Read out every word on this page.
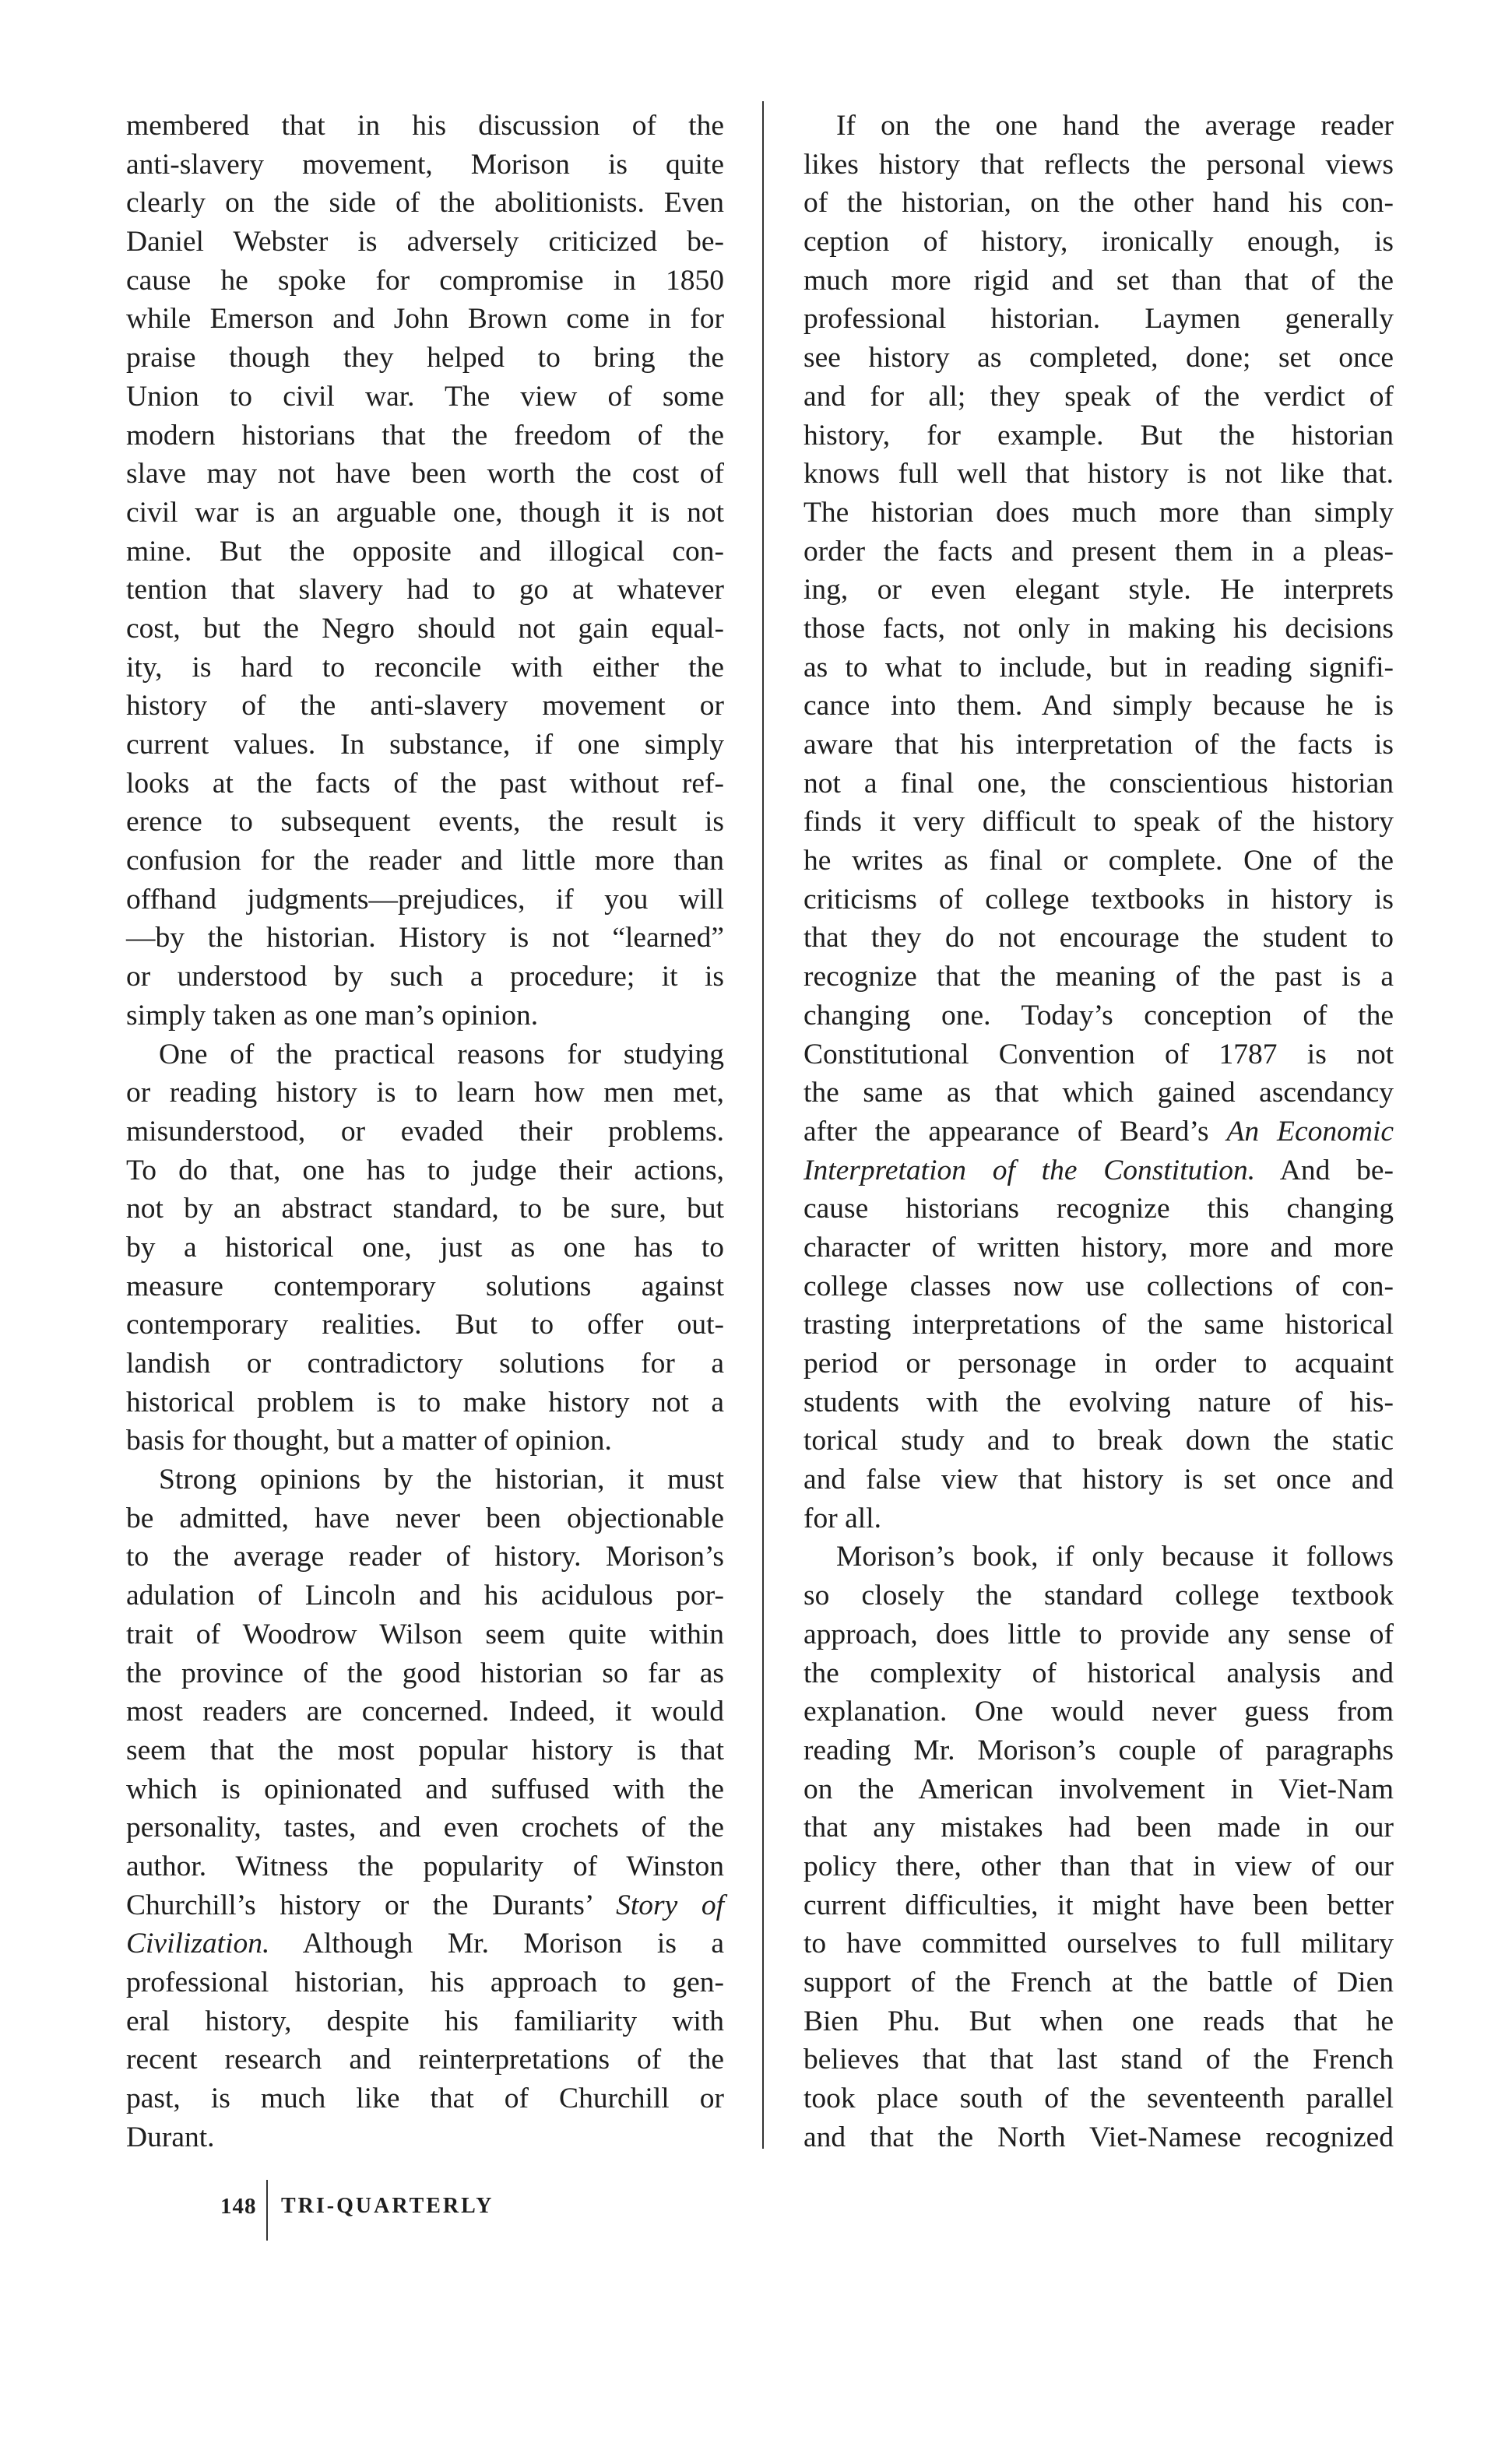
membered that in his discussion of the
anti-slavery movement, Morison is quite
clearly on the side of the abolitionists. Even
Daniel Webster is adversely criticized be-
cause he spoke for compromise in 1850
while Emerson and John Brown come in for
praise though they helped to bring the
Union to civil war. The view of some
modern historians that the freedom of the
slave may not have been worth the cost of
civil war is an arguable one, though it is not
mine. But the opposite and illogical con-
tention that slavery had to go at whatever
cost, but the Negro should not gain equal-
ity, is hard to reconcile with either the
history of the anti-slavery movement or
current values. In substance, if one simply
looks at the facts of the past without ref-
erence to subsequent events, the result is
confusion for the reader and little more than
offhand judgments—prejudices, if you will
—by the historian. History is not “learned”
or understood by such a procedure; it is
simply taken as one man’s opinion.
One of the practical reasons for studying
or reading history is to learn how men met,
misunderstood, or evaded their problems.
To do that, one has to judge their actions,
not by an abstract standard, to be sure, but
by a historical one, just as one has to
measure contemporary solutions against
contemporary realities. But to offer out-
landish or contradictory solutions for a
historical problem is to make history not a
basis for thought, but a matter of opinion.
Strong opinions by the historian, it must
be admitted, have never been objectionable
to the average reader of history. Morison’s
adulation of Lincoln and his acidulous por-
trait of Woodrow Wilson seem quite within
the province of the good historian so far as
most readers are concerned. Indeed, it would
seem that the most popular history is that
which is opinionated and suffused with the
personality, tastes, and even crochets of the
author. Witness the popularity of Winston
Churchill’s history or the Durants’ Story of
Civilization. Although Mr. Morison is a
professional historian, his approach to gen-
eral history, despite his familiarity with
recent research and reinterpretations of the
past, is much like that of Churchill or
Durant.
If on the one hand the average reader
likes history that reflects the personal views
of the historian, on the other hand his con-
ception of history, ironically enough, is
much more rigid and set than that of the
professional historian. Laymen generally
see history as completed, done; set once
and for all; they speak of the verdict of
history, for example. But the historian
knows full well that history is not like that.
The historian does much more than simply
order the facts and present them in a pleas-
ing, or even elegant style. He interprets
those facts, not only in making his decisions
as to what to include, but in reading signifi-
cance into them. And simply because he is
aware that his interpretation of the facts is
not a final one, the conscientious historian
finds it very difficult to speak of the history
he writes as final or complete. One of the
criticisms of college textbooks in history is
that they do not encourage the student to
recognize that the meaning of the past is a
changing one. Today’s conception of the
Constitutional Convention of 1787 is not
the same as that which gained ascendancy
after the appearance of Beard’s An Economic
Interpretation of the Constitution. And be-
cause historians recognize this changing
character of written history, more and more
college classes now use collections of con-
trasting interpretations of the same historical
period or personage in order to acquaint
students with the evolving nature of his-
torical study and to break down the static
and false view that history is set once and
for all.
Morison’s book, if only because it follows
so closely the standard college textbook
approach, does little to provide any sense of
the complexity of historical analysis and
explanation. One would never guess from
reading Mr. Morison’s couple of paragraphs
on the American involvement in Viet-Nam
that any mistakes had been made in our
policy there, other than that in view of our
current difficulties, it might have been better
to have committed ourselves to full military
support of the French at the battle of Dien
Bien Phu. But when one reads that he
believes that that last stand of the French
took place south of the seventeenth parallel
and that the North Viet-Namese recognized
148 TRI-QUARTERLY
